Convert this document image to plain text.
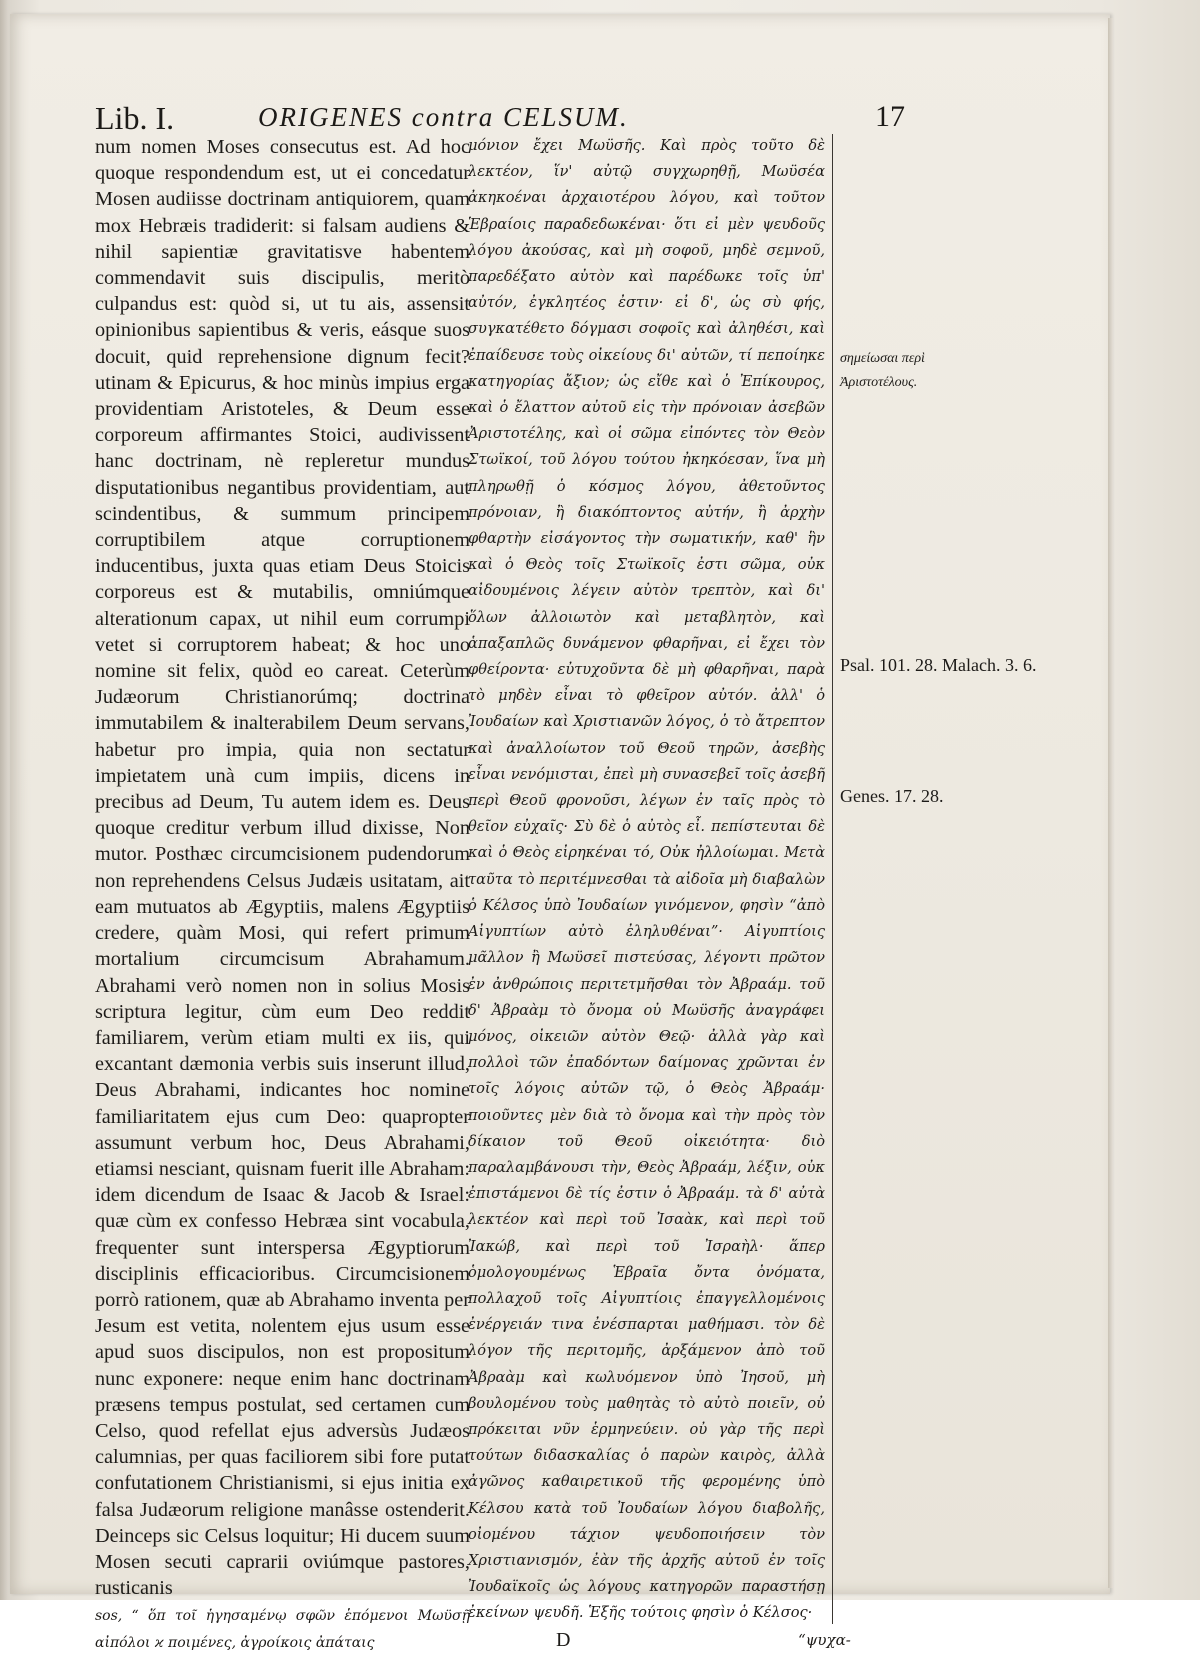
Lib. I.	ORIGENES contra CELSUM.	17

num nomen Moses consecutus est. Ad hoc quoque respondendum est, ut ei concedatur Mosen audiisse doctrinam antiquiorem, quam mox Hebræis tradiderit: si falsam audiens & nihil sapientiæ gravitatisve habentem commendavit suis discipulis, meritò culpandus est: quòd si, ut tu ais, assensit opinionibus sapientibus & veris, eásque suos docuit, quid reprehensione dignum fecit? utinam & Epicurus, & hoc minùs impius erga providentiam Aristoteles, & Deum esse corporeum affirmantes Stoici, audivissent hanc doctrinam, nè repleretur mundus disputationibus negantibus providentiam, aut scindentibus, & summum principem corruptibilem atque corruptionem inducentibus, juxta quas etiam Deus Stoicis corporeus est & mutabilis, omniúmque alterationum capax, ut nihil eum corrumpi vetet si corruptorem habeat; & hoc uno nomine sit felix, quòd eo careat. Ceterùm Judæorum Christianorúmq; doctrina immutabilem & inalterabilem Deum servans, habetur pro impia, quia non sectatur impietatem unà cum impiis, dicens in precibus ad Deum, Tu autem idem es. Deus quoque creditur verbum illud dixisse, Non mutor. Posthæc circumcisionem pudendorum non reprehendens Celsus Judæis usitatam, ait eam mutuatos ab Ægyptiis, malens Ægyptiis credere, quàm Mosi, qui refert primum mortalium circumcisum Abrahamum. Abrahami verò nomen non in solius Mosis scriptura legitur, cùm eum Deo reddit familiarem, verùm etiam multi ex iis, qui excantant dæmonia verbis suis inserunt illud, Deus Abrahami, indicantes hoc nomine familiaritatem ejus cum Deo: quapropter assumunt verbum hoc, Deus Abrahami, etiamsi nesciant, quisnam fuerit ille Abraham: idem dicendum de Isaac & Jacob & Israel: quæ cùm ex confesso Hebræa sint vocabula, frequenter sunt interspersa Ægyptiorum disciplinis efficacioribus. Circumcisionem porrò rationem, quæ ab Abrahamo inventa per Jesum est vetita, nolentem ejus usum esse apud suos discipulos, non est propositum nunc exponere: neque enim hanc doctrinam præsens tempus postulat, sed certamen cum Celso, quod refellat ejus adversùs Judæos calumnias, per quas faciliorem sibi fore putat confutationem Christianismi, si ejus initia ex falsa Judæorum religione manâsse ostenderit. Deinceps sic Celsus loquitur; Hi ducem suum Mosen secuti caprarii oviúmque pastores, rusticanis

sos, “ ὅπ τοῖ ἡγησαμένῳ σφῶν ἑπόμενοι Μωϋσῇ αἰπόλοι ϰ ποιμένες, ἀγροίκοις ἀπάταις

μόνιον ἔχει Μωϋσῆς. Καὶ πρὸς τοῦτο δὲ λεκτέον, ἵν' αὐτῷ συγχωρηθῇ, Μωϋσέα ἀκηκοέναι ἀρχαιοτέρου λόγου, καὶ τοῦτον Ἑβραίοις παραδεδωκέναι· ὅτι εἰ μὲν ψευδοῦς λόγου ἀκούσας, καὶ μὴ σοφοῦ, μηδὲ σεμνοῦ, παρεδέξατο αὐτὸν καὶ παρέδωκε τοῖς ὑπ' αὐτόν, ἐγκλητέος ἐστιν· εἰ δ', ὡς σὺ φής, συγκατέθετο δόγμασι σοφοῖς καὶ ἀληθέσι, καὶ ἐπαίδευσε τοὺς οἰκείους δι' αὐτῶν, τί πεποίηκε κατηγορίας ἄξιον; ὡς εἴθε καὶ ὁ Ἐπίκουρος, καὶ ὁ ἔλαττον αὐτοῦ εἰς τὴν πρόνοιαν ἀσεβῶν Ἀριστοτέλης, καὶ οἱ σῶμα εἰπόντες τὸν Θεὸν Στωϊκοί, τοῦ λόγου τούτου ἠκηκόεσαν, ἵνα μὴ πληρωθῇ ὁ κόσμος λόγου, ἀθετοῦντος πρόνοιαν, ἢ διακόπτοντος αὐτήν, ἢ ἀρχὴν φθαρτὴν εἰσάγοντος τὴν σωματικήν, καθ' ἣν καὶ ὁ Θεὸς τοῖς Στωϊκοῖς ἐστι σῶμα, οὐκ αἰδουμένοις λέγειν αὐτὸν τρεπτὸν, καὶ δι' ὅλων ἀλλοιωτὸν καὶ μεταβλητὸν, καὶ ἁπαξαπλῶς δυνάμενον φθαρῆναι, εἰ ἔχει τὸν φθείροντα· εὐτυχοῦντα δὲ μὴ φθαρῆναι, παρὰ τὸ μηδὲν εἶναι τὸ φθεῖρον αὐτόν. ἀλλ' ὁ Ἰουδαίων καὶ Χριστιανῶν λόγος, ὁ τὸ ἄτρεπτον καὶ ἀναλλοίωτον τοῦ Θεοῦ τηρῶν, ἀσεβὴς εἶναι νενόμισται, ἐπεὶ μὴ συνασεβεῖ τοῖς ἀσεβῆ περὶ Θεοῦ φρονοῦσι, λέγων ἐν ταῖς πρὸς τὸ θεῖον εὐχαῖς· Σὺ δὲ ὁ αὐτὸς εἶ. πεπίστευται δὲ καὶ ὁ Θεὸς εἰρηκέναι τό, Οὐκ ἠλλοίωμαι. Μετὰ ταῦτα τὸ περιτέμνεσθαι τὰ αἰδοῖα μὴ διαβαλὼν ὁ Κέλσος ὑπὸ Ἰουδαίων γινόμενον, φησὶν “ἀπὸ Αἰγυπτίων αὐτὸ ἐληλυθέναι”· Αἰγυπτίοις μᾶλλον ἢ Μωϋσεῖ πιστεύσας, λέγοντι πρῶτον ἐν ἀνθρώποις περιτετμῆσθαι τὸν Ἀβραάμ. τοῦ δ' Ἀβραὰμ τὸ ὄνομα οὐ Μωϋσῆς ἀναγράφει μόνος, οἰκειῶν αὐτὸν Θεῷ· ἀλλὰ γὰρ καὶ πολλοὶ τῶν ἐπαδόντων δαίμονας χρῶνται ἐν τοῖς λόγοις αὐτῶν τῷ, ὁ Θεὸς Ἀβραάμ· ποιοῦντες μὲν διὰ τὸ ὄνομα καὶ τὴν πρὸς τὸν δίκαιον τοῦ Θεοῦ οἰκειότητα· διὸ παραλαμβάνουσι τὴν, Θεὸς Ἀβραάμ, λέξιν, οὐκ ἐπιστάμενοι δὲ τίς ἐστιν ὁ Ἀβραάμ. τὰ δ' αὐτὰ λεκτέον καὶ περὶ τοῦ Ἰσαὰκ, καὶ περὶ τοῦ Ἰακώβ, καὶ περὶ τοῦ Ἰσραὴλ· ἅπερ ὁμολογουμένως Ἑβραῖα ὄντα ὀνόματα, πολλαχοῦ τοῖς Αἰγυπτίοις ἐπαγγελλομένοις ἐνέργειάν τινα ἐνέσπαρται μαθήμασι. τὸν δὲ λόγον τῆς περιτομῆς, ἀρξάμενον ἀπὸ τοῦ Ἀβραὰμ καὶ κωλυόμενον ὑπὸ Ἰησοῦ, μὴ βουλομένου τοὺς μαθητὰς τὸ αὐτὸ ποιεῖν, οὐ πρόκειται νῦν ἑρμηνεύειν. οὐ γὰρ τῆς περὶ τούτων διδασκαλίας ὁ παρὼν καιρὸς, ἀλλὰ ἀγῶνος καθαιρετικοῦ τῆς φερομένης ὑπὸ Κέλσου κατὰ τοῦ Ἰουδαίων λόγου διαβολῆς, οἰομένου τάχιον ψευδοποιήσειν τὸν Χριστιανισμόν, ἐὰν τῆς ἀρχῆς αὐτοῦ ἐν τοῖς Ἰουδαϊκοῖς ὡς λόγους κατηγορῶν παραστήσῃ ἐκείνων ψευδῆ. Ἑξῆς τούτοις φησὶν ὁ Κέλσος·

σημείωσαι περὶ Ἀριστοτέλους.
Psal. 101. 28. Malach. 3. 6.
Genes. 17. 28.
D	“ψυχα-
